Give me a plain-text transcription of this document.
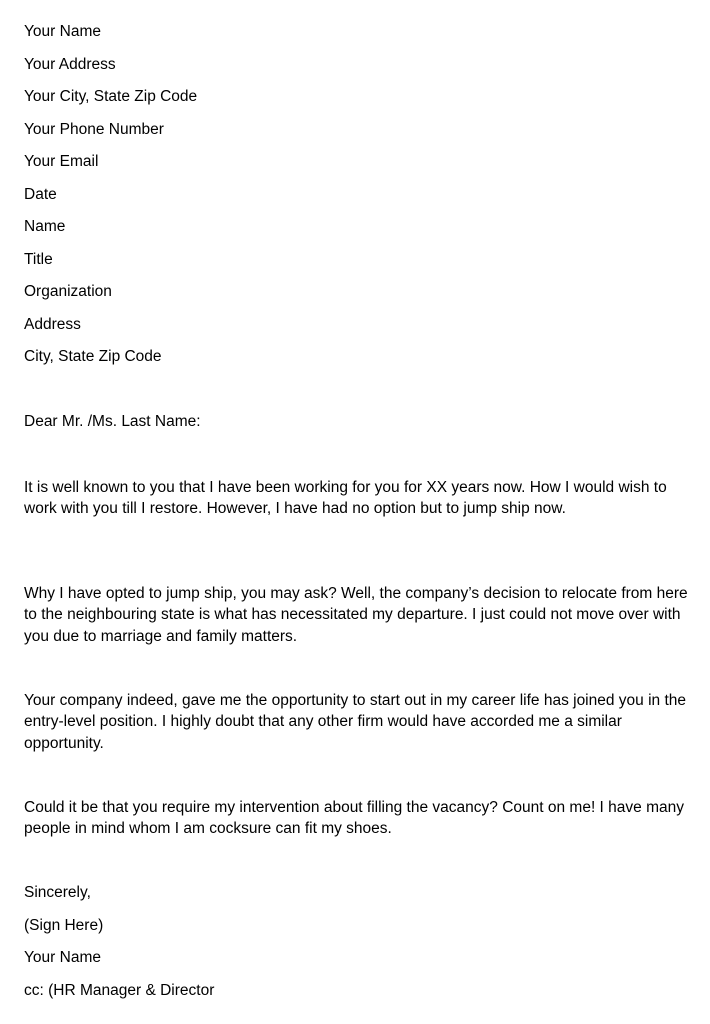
Your Name
Your Address
Your City, State Zip Code
Your Phone Number
Your Email
Date
Name
Title
Organization
Address
City, State Zip Code
Dear Mr. /Ms. Last Name:
It is well known to you that I have been working for you for XX years now. How I would wish to work with you till I restore. However, I have had no option but to jump ship now.
Why I have opted to jump ship, you may ask? Well, the company’s decision to relocate from here to the neighbouring state is what has necessitated my departure. I just could not move over with you due to marriage and family matters.
Your company indeed, gave me the opportunity to start out in my career life has joined you in the entry-level position. I highly doubt that any other firm would have accorded me a similar opportunity.
Could it be that you require my intervention about filling the vacancy? Count on me! I have many people in mind whom I am cocksure can fit my shoes.
Sincerely,
(Sign Here)
Your Name
cc: (HR Manager & Director
